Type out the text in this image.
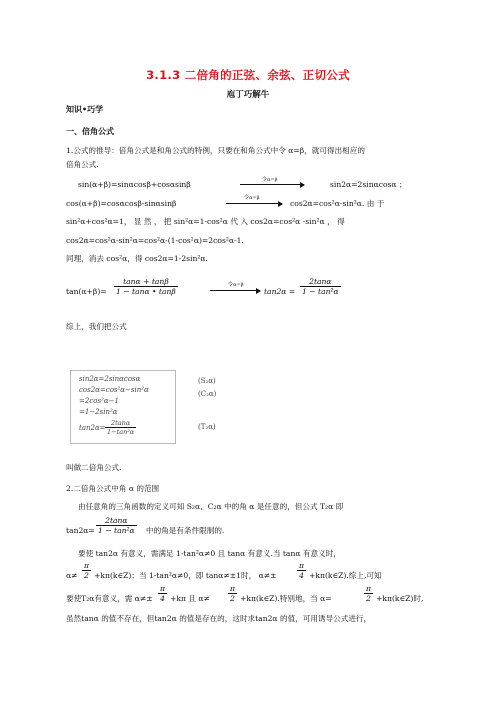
3.1.3 二倍角的正弦、余弦、正切公式
庖丁巧解牛
知识•巧学
一、倍角公式
1.公式的推导：倍角公式是和角公式的特例，只要在和角公式中令 α=β，就可得出相应的
倍角公式.
sin(α+β)=sinαcosβ+cosαsinβ	令α=β	sin2α=2sinαcosα ；
cos(α+β)=cosαcosβ-sinαsinβ
令α=β
cos2α=cos²α-sin²α. 由 于
sin²α+cos²α=1， 显 然 ， 把 sin²α=1-cos²α 代 入 cos2α=cos²α -sin²α ， 得
cos2α=cos²α-sin²α=cos²α-(1-cos²α)=2cos²α-1.
同理，消去 cos²α，得 cos2α=1-2sin²α.
$\tan(\alpha+\beta)= \frac{\tan\alpha + \tan\beta}{1 - \tan\alpha • \tan\beta}$	令α=β
$\tan 2\alpha = \frac{2\tan\alpha}{\text{1 − tan²α}}$
综上，我们把公式
sin2α=2sinαcosα
cos2α=cos²α−sin²α
=2cos²α−1
=1−2sin²α
$\tan 2\alpha= \frac{2\tan\alpha}{\text{1−tan²α}}$
(S₂α)
(C₂α)
(T₂α)
叫做二倍角公式.
2.二倍角公式中角 α 的范围
由任意角的三角函数的定义可知 S₂α、C₂α 中的角 α 是任意的，但公式 T₂α 即
$\tan 2\alpha= \frac{2\tan\alpha}{\text{1 − tan²α}}$ 中的角是有条件限制的.
要使 tan2α 有意义，需满足 1-tan²α≠0 且 tanα 有意义.当 tanα 有意义时，
$\alpha\ne \frac{\pi}{2}$ +kπ(k∈Z)；当 1-tan²α≠0，即 tanα≠±1时， α≠±	$\frac{\pi}{4}$ +kπ(k∈Z).综上,可知
要使T₂α有意义，需 $\alpha\ne\pm \frac{\pi}{4} +k\pi$ 且 $\alpha\ne \frac{\pi}{2}$ +kπ(k∈Z).特别地，当 α=	$\frac{\pi}{2}$ +kπ(k∈Z)时,
虽然tanα 的值不存在，但tan2α 的值是存在的，这时求tan2α 的值，可用诱导公式进行，
